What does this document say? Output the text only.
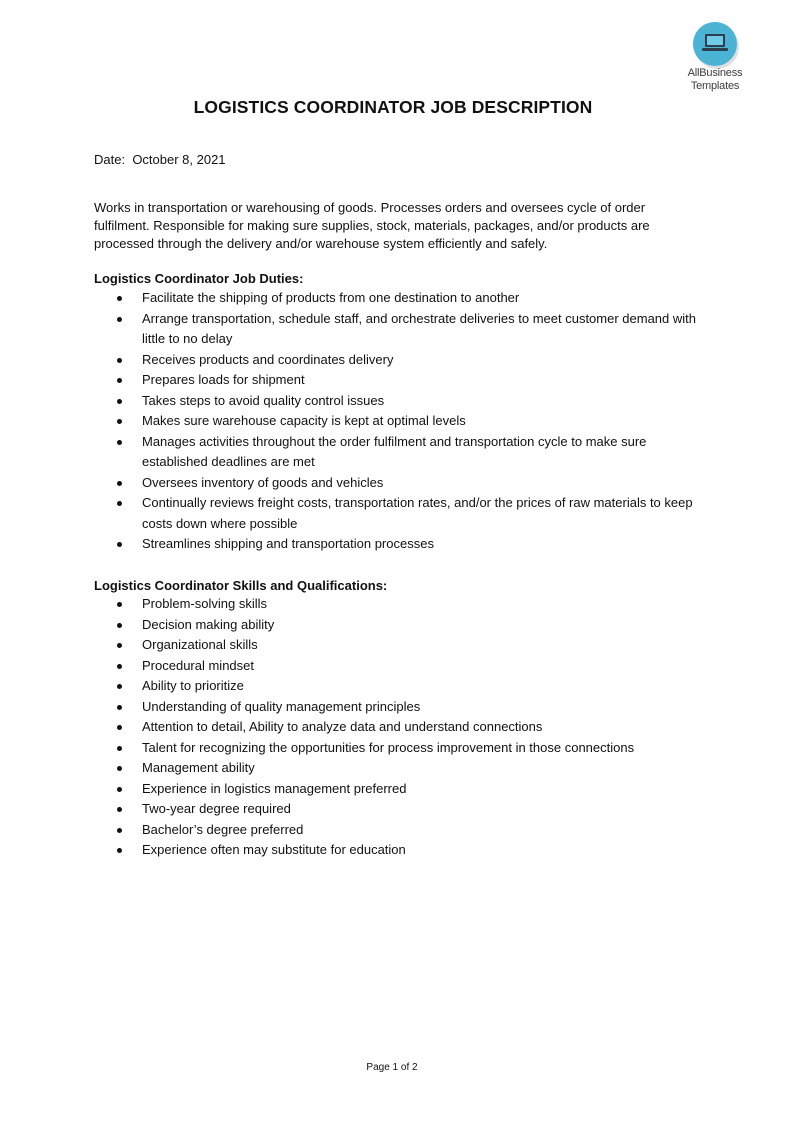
AllBusiness
Templates
LOGISTICS COORDINATOR JOB DESCRIPTION
Date: October 8, 2021
Works in transportation or warehousing of goods. Processes orders and oversees cycle of order fulfilment. Responsible for making sure supplies, stock, materials, packages, and/or products are processed through the delivery and/or warehouse system efficiently and safely.
Logistics Coordinator Job Duties:
Facilitate the shipping of products from one destination to another
Arrange transportation, schedule staff, and orchestrate deliveries to meet customer demand with little to no delay
Receives products and coordinates delivery
Prepares loads for shipment
Takes steps to avoid quality control issues
Makes sure warehouse capacity is kept at optimal levels
Manages activities throughout the order fulfilment and transportation cycle to make sure established deadlines are met
Oversees inventory of goods and vehicles
Continually reviews freight costs, transportation rates, and/or the prices of raw materials to keep costs down where possible
Streamlines shipping and transportation processes
Logistics Coordinator Skills and Qualifications:
Problem-solving skills
Decision making ability
Organizational skills
Procedural mindset
Ability to prioritize
Understanding of quality management principles
Attention to detail, Ability to analyze data and understand connections
Talent for recognizing the opportunities for process improvement in those connections
Management ability
Experience in logistics management preferred
Two-year degree required
Bachelor’s degree preferred
Experience often may substitute for education
Page 1 of 2
